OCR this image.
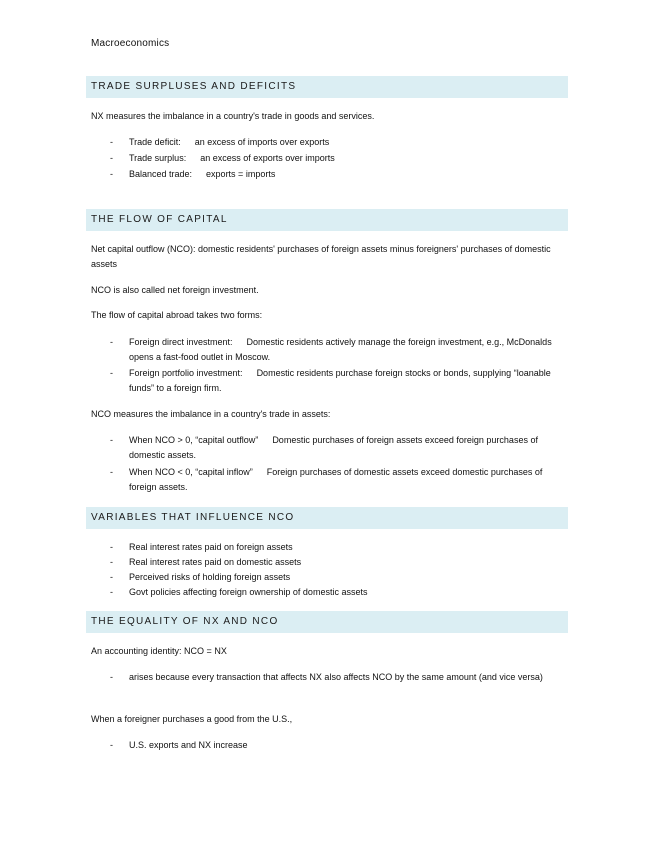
Macroeconomics
TRADE SURPLUSES AND DEFICITS
NX measures the imbalance in a country's trade in goods and services.
-	Trade deficit: an excess of imports over exports
-	Trade surplus: an excess of exports over imports
-	Balanced trade: exports = imports
THE FLOW OF CAPITAL
Net capital outflow (NCO): domestic residents' purchases of foreign assets minus foreigners' purchases of domestic assets
NCO is also called net foreign investment.
The flow of capital abroad takes two forms:
-	Foreign direct investment: Domestic residents actively manage the foreign investment, e.g., McDonalds opens a fast-food outlet in Moscow.
-	Foreign portfolio investment: Domestic residents purchase foreign stocks or bonds, supplying “loanable funds” to a foreign firm.
NCO measures the imbalance in a country's trade in assets:
-	When NCO > 0, “capital outflow” Domestic purchases of foreign assets exceed foreign purchases of domestic assets.
-	When NCO < 0, “capital inflow” Foreign purchases of domestic assets exceed domestic purchases of foreign assets.
VARIABLES THAT INFLUENCE NCO
-	Real interest rates paid on foreign assets
-	Real interest rates paid on domestic assets
-	Perceived risks of holding foreign assets
-	Govt policies affecting foreign ownership of domestic assets
THE EQUALITY OF NX AND NCO
An accounting identity: NCO = NX
-	arises because every transaction that affects NX also affects NCO by the same amount (and vice versa)
When a foreigner purchases a good from the U.S.,
-	U.S. exports and NX increase
